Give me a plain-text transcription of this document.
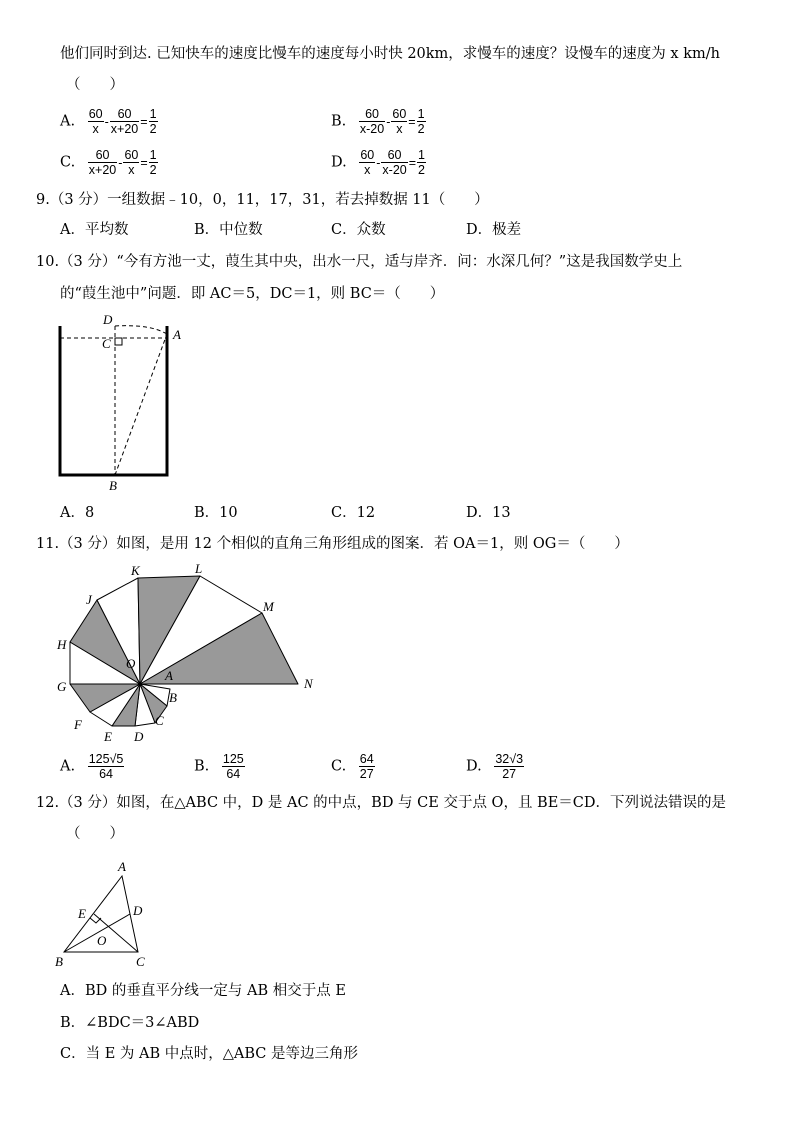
他们同时到达. 已知快车的速度比慢车的速度每小时快 20km，求慢车的速度？设慢车的速度为 x km/h
（　　）
A. $\frac{60}{x} - \frac{60}{x+20} = \frac{1}{2}$	B. $\frac{60}{x-20} - \frac{60}{x} = \frac{1}{2}$
C. $\frac{60}{x+20} - \frac{60}{x} = \frac{1}{2}$	D. $\frac{60}{x} - \frac{60}{x-20} = \frac{1}{2}$
9.（3 分）一组数据﹣10，0，11，17，31，若去掉数据 11（　　）
A．平均数	B．中位数	C．众数	D．极差
10.（3 分）“今有方池一丈，葭生其中央，出水一尺，适与岸齐．问：水深几何？”这是我国数学史上
的“葭生池中”问题．即 AC＝5，DC＝1，则 BC＝（　　）
D
C
A
B
A．8	B．10	C．12	D．13
11.（3 分）如图，是用 12 个相似的直角三角形组成的图案．若 OA＝1，则 OG＝（　　）
K	L
J	M
H
O
A
G
B
N
F	C
E D
A. $\frac{125√5}{64}$	B. $\frac{125}{64}$	C. $\frac{64}{27}$	D. $\frac{32√3}{27}$
12.（3 分）如图，在△ABC 中，D 是 AC 的中点，BD 与 CE 交于点 O，且 BE＝CD．下列说法错误的是
（　　）
A
E	D
O
B	C
A．BD 的垂直平分线一定与 AB 相交于点 E
B．∠BDC＝3∠ABD
C．当 E 为 AB 中点时，△ABC 是等边三角形
